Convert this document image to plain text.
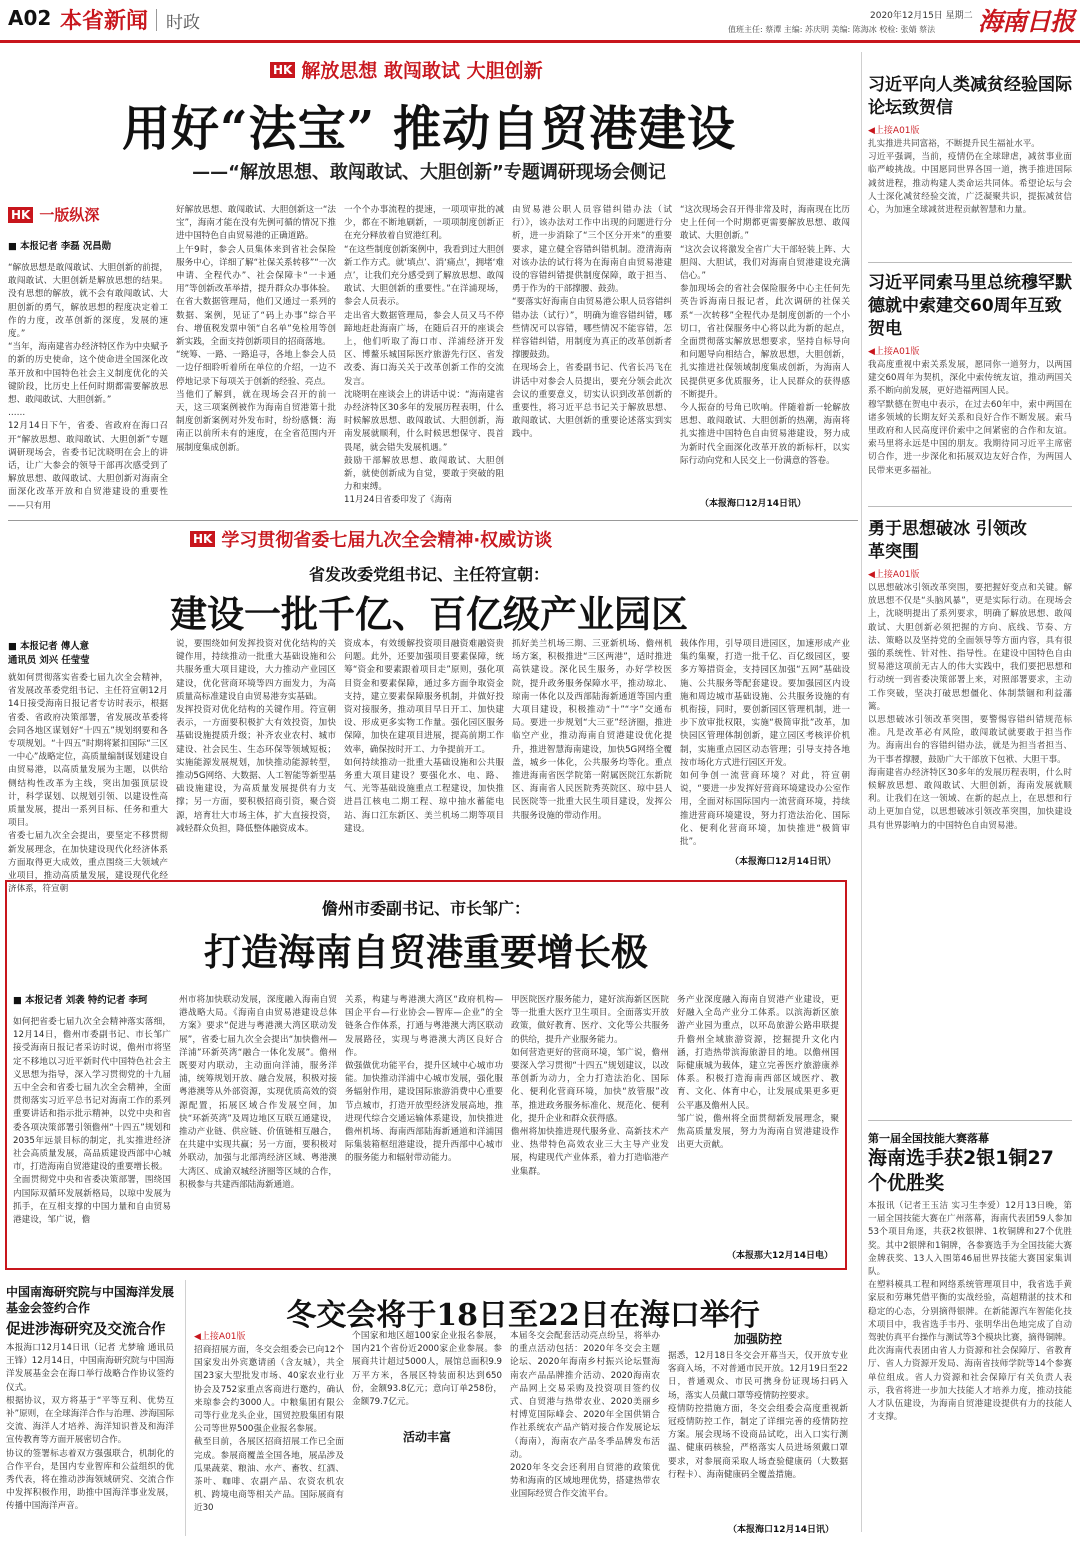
A02 本省新闻 时政	2020年12月15日 星期二
值班主任: 蔡潭 主编: 苏庆明 美编: 陈海冰 校检: 张婧 蔡法	海南日报
HK 解放思想 敢闯敢试 大胆创新
用好“法宝” 推动自贸港建设
——“解放思想、敢闯敢试、大胆创新”专题调研现场会侧记
HK 一版纵深
■ 本报记者 李磊 况昌勋
“解放思想是敢闯敢试、大胆创新的前提，敢闯敢试、大胆创新是解放思想的结果。没有思想的解放，就不会有敢闯敢试、大胆创新的勇气，解放思想的程度决定着工作的力度，改革创新的深度，发展的速度。”
“当年，海南建省办经济特区作为中央赋予的新的历史使命，这个使命进全国深化改革开放和中国特色社会主义制度优化的关键阶段，比历史上任何时期都需要解放思想、敢闯敢试、大胆创新。”
……
12月14日下午，省委、省政府在海口召开“解放思想、敢闯敢试、大胆创新”专题调研现场会，省委书记沈晓明在会上的讲话，让广大参会的领导干部再次感受到了解放思想、敢闯敢试、大胆创新对海南全面深化改革开放和自贸港建设的重要性——只有用
好解放思想、敢闯敢试、大胆创新这一“法宝”，海南才能在没有先例可循的情况下推进中国特色自由贸易港的正确道路。
上午9时，参会人员集体来到省社会保险服务中心，详细了解“社保关系转移”“一次申请、全程代办”、社会保障卡“一卡通用”等创新改革举措，提升群众办事体验。
在省大数据管理局，他们又通过一系列的数据、案例，见证了“码上办事”综合平台、增值税发票申领“自名单”免检用等创新实践，全面支持创新项目的招商落地。
“统筹、一路、一路追寻，各地上参会人员一边仔细聆听着所在单位的介绍，一边不停地记录下每项关于创新的经验、亮点。
当他们了解到，就在现场会召开的前一天，这三项案例被作为海南自贸港第十批制度创新案例对外发布时，纷纷感慨：海南正以前所未有的速度，在全省范围内开展制度集成创新。
一个个办事流程的提速，一项项审批的减少，都在不断地刷新，一项项制度创新正在充分释放着自贸港红利。
“在这些制度创新案例中，我看到过大胆创新工作方式。就‘填点’、消‘痛点’，拥堵‘难点’，让我们充分感受到了解放思想、敢闯敢试、大胆创新的重要性。”在洋浦现场，参会人员表示。
走出省大数据管理局，参会人员又马不停蹄地赶赴海南广场，在随后召开的座谈会上，他们听取了海口市、洋浦经济开发区、博鳌乐城国际医疗旅游先行区、省发改委、海口海关关于改革创新工作的交流发言。
沈晓明在座谈会上的讲话中说：“海南建省办经济特区30多年的发展历程表明，什么时候解放思想、敢闯敢试、大胆创新，海南发展就顺利，什么时候思想保守、畏首畏尾，就会错失发展机遇。”
鼓励干部解放思想、敢闯敢试、大胆创新，就使创新成为自觉，要敢于突破的阻力和束缚。
11月24日省委印发了《海南
由贸易港公职人员容错纠错办法（试行）》，该办法对工作中出现的问题进行分析，进一步消除了“三个区分开来”的重要要求，建立健全容错纠错机制。澄清海南对该办法的试行将为在海南自由贸易港建设的容错纠错提供制度保障，敢于担当、勇于作为的干部撑腰、鼓劲。
“要落实好海南自由贸易港公职人员容错纠错办法（试行）”，明确为谁容错纠错，哪些情况可以容错，哪些情况不能容错，怎样容错纠错，用制度为真正的改革创新者撑腰鼓劲。
在现场会上，省委副书记、代省长冯飞在讲话中对参会人员提出，要充分领会此次会议的重要意义，切实认识到改革创新的重要性，将习近平总书记关于解放思想、敢闯敢试、大胆创新的重要论述落实到实践中。
“这次现场会召开得非常及时，海南现在比历史上任何一个时期都更需要解放思想、敢闯敢试、大胆创新。”
“这次会议将激发全省广大干部轻装上阵、大胆闯、大胆试，我们对海南自贸港建设充满信心。”
参加现场会的省社会保险服务中心主任何先英告诉海南日报记者，此次调研的社保关系“一次转移”全程代办是制度创新的一个小切口，省社保服务中心将以此为新的起点，全面贯彻落实解放思想要求，坚持自标导向和问题导向相结合，解放思想，大胆创新，扎实推进社保领域制度集成创新，为海南人民提供更多优质服务，让人民群众的获得感不断提升。
今人振奋的号角已吹响。伴随着新一轮解放思想、敢闯敢试、大胆创新的热潮，海南将扎实推进中国特色自由贸易港建设，努力成为新时代全面深化改革开放的新标杆，以实际行动向党和人民交上一份满意的答卷。
（本报海口12月14日讯）
HK 学习贯彻省委七届九次全会精神·权威访谈
省发改委党组书记、主任符宣朝：
建设一批千亿、百亿级产业园区
■ 本报记者 傅人意
通讯员 刘兴 任莹莹
就如何贯彻落实省委七届九次全会精神，省发展改革委党组书记、主任符宣朝12月14日接受海南日报记者专访时表示，根据省委、省政府决策部署，省发展改革委将会同各地区谋划好“十四五”规划纲要和各专项规划。“十四五”时期将紧扣国际“三区一中心”战略定位，高质量编制谋划建设自由贸易港，以高质量发展为主题，以供给侧结构性改革为主线，突出加强顶层设计，科学谋划、以规划引领、以建设性高质量发展，提出一系列目标、任务和重大项目。
省委七届九次全会提出，要坚定不移贯彻新发展理念，在加快建设现代化经济体系方面取得更大成效，重点围绕三大领域产业项目，推动高质量发展，建设现代化经济体系，符宣朝
说，要围绕如何发挥投资对优化结构的关键作用，持续推动一批重大基础设施和公共服务重大项目建设，大力推动产业园区建设，优化营商环境等四方面发力，为高质量高标准建设自由贸易港夯实基础。
发挥投资对优化结构的关键作用。符宣朝表示，一方面要积极扩大有效投资，加快基础设施提质升级；补齐农业农村、城市建设、社会民生、生态环保等领域短板；实施能源发展规划，加快推动能源转型，推动5G网络、大数据、人工智能等新型基础设施建设，为高质量发展提供有力支撑；另一方面，要积极招商引资，聚合资源，培育壮大市场主体，扩大直接投资，减轻群众负担，降低整体融资成本。
资成本，有效缓解投资项目融资难融资贵问题。此外，还要加强项目要素保障，统筹“资金和要素跟着项目走”原则，强化项目资金和要素保障，通过多方面争取资金支持，建立要素保障服务机制，并做好投资对接服务，推动项目早日开工、加快建设、形成更多实物工作量。强化园区服务保障，加快在建项目进展，提高前期工作效率，确保按时开工、力争提前开工。
如何持续推动一批重大基础设施和公共服务重大项目建设？要强化水、电、路、气、光等基础设施重点工程建设，加快推进昌江核电二期工程、琼中抽水蓄能电站、海口江东新区、美兰机场二期等项目建设。
抓好美兰机场三期、三亚新机场、儋州机场方案，积极推进“三区两港”，适时推进高铁建设。深化民生服务，办好学校医院，提升政务服务保障水平，推动琼北、琼南一体化以及西部陆海新通道等国内重大项目建设，积极推动“十”“字”交通布局。要进一步规划“大三亚”经济圈，推进临空产业，推动海南自贸港建设优化提升，推进智慧海南建设，加快5G网络全覆盖，城乡一体化，公共服务均等化。重点推进海南省医学院第一附属医院江东新院区、海南省人民医院秀英院区、琼中县人民医院等一批重大民生项目建设，发挥公共服务设施的带动作用。
载体作用，引导项目进园区，加速形成产业集约集聚，打造一批千亿、百亿级园区，要多方筹措资金，支持园区加强“五网”基础设施、公共服务等配套建设。要加强园区内设施和周边城市基础设施、公共服务设施的有机衔接，同时，要创新园区管理机制，进一步下放审批权限，实施“极简审批”改革，加快园区管理体制创新，建立园区考核评价机制，实施重点园区动态管理；引导支持各地按市场化方式进行园区开发。
如何争创一流营商环境？对此，符宣朝说，“要进一步发挥好营商环境建设办公室作用，全面对标国际国内一流营商环境，持续推进营商环境建设，努力打造法治化、国际化、便利化营商环境，加快推进“极简审批”。
（本报海口12月14日讯）
儋州市委副书记、市长邹广：
打造海南自贸港重要增长极
■ 本报记者 刘袭 特约记者 李珂
如何把省委七届九次全会精神落实落细，12月14日，儋州市委副书记、市长邹广接受海南日报记者采访时说，儋州市将坚定不移地以习近平新时代中国特色社会主义思想为指导，深入学习贯彻党的十九届五中全会和省委七届九次全会精神，全面贯彻落实习近平总书记对海南工作的系列重要讲话和指示批示精神，以党中央和省委各项决策部署引领儋州“十四五”规划和2035年远景目标的制定，扎实推进经济社会高质量发展，高品质建设西部中心城市，打造海南自贸港建设的重要增长极。
全面贯彻党中央和省委决策部署，围绕国内国际双循环发展新格局，以琼中发展为抓手，在互相支撑的中国力量和自由贸易港建设，邹广说，儋
州市将加快联动发展，深度融入海南自贸港战略大局。《海南自由贸易港建设总体方案》要求“促进与粤港澳大湾区联动发展”，省委七届九次全会提出“加快儋州—洋浦”环新英湾“融合一体化发展”。儋州既要对内联动，主动面向洋浦，服务洋浦，统筹规划开放、融合发展，积极对接粤港澳等从外部资源，实现优质高效的资源配置，拓展区域合作发展空间，加快“环新英湾”及周边地区互联互通建设，推动产业链、供应链、价值链相互融合，在共建中实现共赢；另一方面，要积极对外联动，加强与北部湾经济区域、粤港澳大湾区、成渝双城经济圈等区域的合作，积极参与共建西部陆海新通道。
关系，构建与粤港澳大湾区“政府机构—国企平台—行业协会—智库—企业”的全链条合作体系，打通与粤港澳大湾区联动发展路径，实现与粤港澳大湾区良好合作。
做强做优功能平台，提升区域中心城市功能。加快推动洋浦中心城市发展，强化服务辐射作用，建设国际旅游消费中心重要节点城市，打造开放型经济发展高地，推进现代综合交通运输体系建设，加快推进儋州机场、海南西部陆海新通道和洋浦国际集装箱枢纽港建设，提升西部中心城市的服务能力和辐射带动能力。
甲医院医疗服务能力，建好滨海新区医院等一批重大医疗卫生项目。全面落实开放政策，做好教育、医疗、文化等公共服务的供给，提升产业服务能力。
如何营造更好的营商环境，邹广说，儋州要深入学习贯彻“十四五”规划建议，以改革创新为动力，全力打造法治化、国际化、便利化营商环境，加快“放管服”改革，推进政务服务标准化、规范化、便利化，提升企业和群众获得感。
儋州将加快推进现代服务业、高新技术产业、热带特色高效农业三大主导产业发展，构建现代产业体系，着力打造临港产业集群。
务产业深度融入海南自贸港产业建设，更好融入全岛产业分工体系。以滨海新区旅游产业园为重点，以环岛旅游公路串联提升儋州全域旅游资源，挖掘提升文化内涵，打造热带滨海旅游目的地。以儋州国际健康城为载体，建立完善医疗旅游康养体系。积极打造海南西部区域医疗、教育、文化、体育中心，让发展成果更多更公平惠及儋州人民。
邹广说，儋州将全面贯彻新发展理念，聚焦高质量发展，努力为海南自贸港建设作出更大贡献。
（本报那大12月14日电）
中国南海研究院与中国海洋发展基金会签约合作
促进涉海研究及交流合作
本报海口12月14日讯（记者 尤梦瑜 通讯员 王锋）12月14日，中国南海研究院与中国海洋发展基金会在海口举行战略合作协议签约仪式。
根据协议，双方将基于“平等互利、优势互补”原则，在全球海洋合作与治理、涉海国际交流、海洋人才培养、海洋知识普及和海洋宣传教育等方面开展密切合作。
协议的签署标志着双方强强联合，机制化的合作平台，是国内专业智库和公益组织的优秀代表，将在推动涉海领域研究、交流合作中发挥积极作用，助推中国海洋事业发展，传播中国海洋声音。
冬交会将于18日至22日在海口举行
◀上接A01版
招商招展方面，冬交会组委会已向12个国家发出外宾邀请函（含友城），共全国23家大型批发市场、40家农业行业协会及752家重点客商进行邀约，确认来琼参会约3000人。中粮集团有限公司等行业龙头企业，国贸控股集团有限公司等世界500强企业报名参展。
截至目前，各展区招商招展工作已全面完成。参展商覆盖全国各地，展品涉及瓜果蔬菜、粮油、水产、畜牧、红酒、茶叶、咖啡、农副产品、农资农机农机、跨境电商等相关产品。国际展商有近30
个国家和地区超100家企业报名参展，国内21个省份近2000家企业参展。参展商共计超过5000人，展馆总面积9.9万平方米，各展区特装面积达到650份，金额93.8亿元；意向订单258份，金额79.7亿元。
活动丰富
本届冬交会配套活动亮点纷呈，将举办的重点活动包括：2020年冬交会主题论坛、2020年海南乡村振兴论坛暨海南农产品品牌推介活动、2020海南农产品网上交易采购及投资项目签约仪式、自贸港与热带农业、2020美丽乡村博览国际峰会、2020年全国供销合作社系统农产品产销对接合作发展论坛（海南），海南农产品冬季品牌发布活动。
2020年冬交会还利用自贸港的政策优势和海南的区域地理优势，搭建热带农业国际经贸合作交流平台。
加强防控
据悉，12月18日冬交会开幕当天，仅开放专业客商入场，不对普通市民开放。12月19日至22日，普通观众、市民可携身份证现场扫码入场，落实人员戴口罩等疫情防控要求。
疫情防控措施方面，冬交会组委会高度重视新冠疫情防控工作，制定了详细完善的疫情防控方案。展会现场不设商品试吃，出入口实行测温、健康码核验，严格落实人员进场须戴口罩要求，对参展商采取人场查验健康码（大数据行程卡）、海南健康码全覆盖措施。
（本报海口12月14日讯）
习近平向人类减贫经验国际论坛致贺信
◀上接A01版
扎实推进共同富裕，不断提升民生福祉水平。
习近平强调，当前，疫情仍在全球肆虐，减贫事业面临严峻挑战。中国愿同世界各国一道，携手推进国际减贫进程，推动构建人类命运共同体。希望论坛与会人士深化减贫经验交流，广泛凝聚共识，提振减贫信心，为加速全球减贫进程贡献智慧和力量。
习近平同索马里总统穆罕默德就中索建交60周年互致贺电
◀上接A01版
我高度重视中索关系发展，愿同你一道努力，以两国建交60周年为契机，深化中索传统友谊，推动两国关系不断向前发展，更好造福两国人民。
穆罕默德在贺电中表示，在过去60年中，索中两国在诸多领域的长期友好关系和良好合作不断发展。索马里政府和人民高度评价索中之间紧密的合作和友谊。索马里将永远是中国的朋友。我期待同习近平主席密切合作，进一步深化和拓展双边友好合作，为两国人民带来更多福祉。
勇于思想破冰 引领改革突围
◀上接A01版
以思想破冰引领改革突围，要把握好变点和关键。解放思想不仅是“头脑风暴”，更是实际行动。在现场会上，沈晓明提出了系列要求，明确了解放思想、敢闯敢试、大胆创新必须把握的方向、底线、节奏、方法、策略以及坚持党的全面领导等方面内容，具有很强的系统性、针对性、指导性。在建设中国特色自由贸易港这项前无古人的伟大实践中，我们要把思想和行动统一到省委决策部署上来，对照部署要求，主动工作突破，坚决打破思想僵化、体制禁锢和利益藩篱。
以思想破冰引领改革突围，要警惕容错纠错规范标准。凡是改革必有风险，敢闯敢试就要敢于担当作为。海南出台的容错纠错办法，就是为担当者担当、为干事者撑腰，鼓励广大干部放下包袱、大胆干事。
海南建省办经济特区30多年的发展历程表明，什么时候解放思想、敢闯敢试、大胆创新，海南发展就顺利。让我们在这一领域、在新的起点上，在思想和行动上更加自觉，以思想破冰引领改革突围，加快建设具有世界影响力的中国特色自由贸易港。
第一届全国技能大赛落幕
海南选手获2银1铜27个优胜奖
本报讯（记者王玉洁 实习生李爱）12月13日晚，第一届全国技能大赛在广州落幕，海南代表团59人参加53个项目角逐，共获2枚银牌、1枚铜牌和27个优胜奖。其中2银牌和1铜牌，各参赛选手为全国技能大赛金牌获奖、13人入围第46届世界技能大赛国家集训队。
在塑料模具工程和网络系统管理项目中，我省选手黄家辰和劳琳凭借平衡的实战经验，高超精湛的技术和稳定的心态，分别摘得银牌。在新能源汽车智能化技术项目中，我省选手韦丹、张明华出色地完成了自动驾驶仿真平台操作与测试等3个模块比赛，摘得铜牌。
此次海南代表团由省人力资源和社会保障厅、省教育厅、省人力资源开发局、海南省技师学院等14个参赛单位组成。省人力资源和社会保障厅有关负责人表示，我省将进一步加大技能人才培养力度，推动技能人才队伍建设，为海南自贸港建设提供有力的技能人才支撑。
